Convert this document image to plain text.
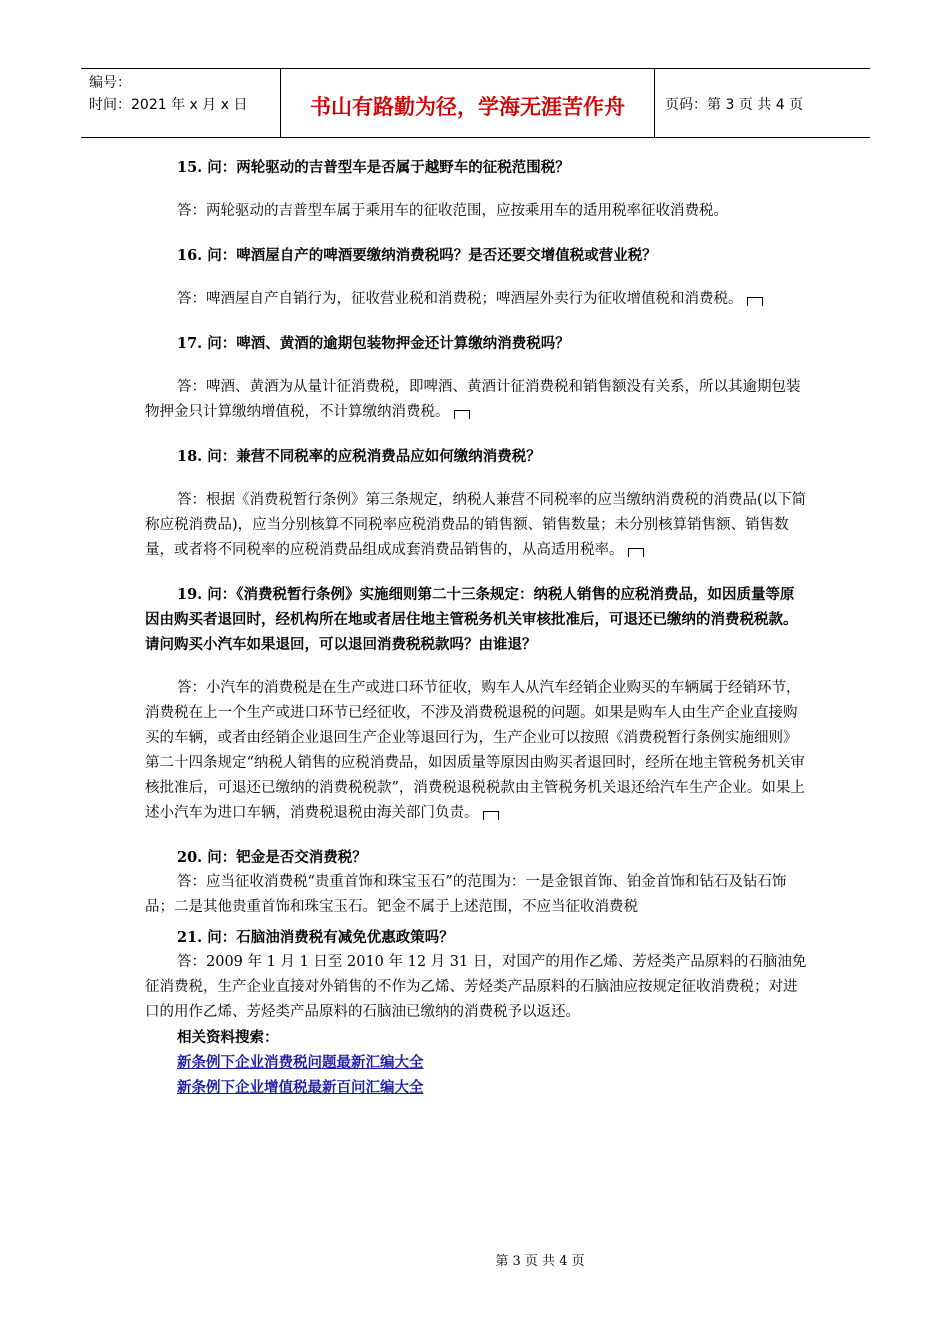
编号：
时间：2021 年 x 月 x 日	书山有路勤为径，学海无涯苦作舟	页码：第 3 页 共 4 页

15. 问：两轮驱动的吉普型车是否属于越野车的征税范围税？

答：两轮驱动的吉普型车属于乘用车的征收范围，应按乘用车的适用税率征收消费税。

16. 问：啤酒屋自产的啤酒要缴纳消费税吗？是否还要交增值税或营业税？

答：啤酒屋自产自销行为，征收营业税和消费税；啤酒屋外卖行为征收增值税和消费税。

17. 问：啤酒、黄酒的逾期包装物押金还计算缴纳消费税吗？

答：啤酒、黄酒为从量计征消费税，即啤酒、黄酒计征消费税和销售额没有关系，所以其逾期包装物押金只计算缴纳增值税，不计算缴纳消费税。

18. 问：兼营不同税率的应税消费品应如何缴纳消费税？

答：根据《消费税暂行条例》第三条规定，纳税人兼营不同税率的应当缴纳消费税的消费品(以下简称应税消费品)，应当分别核算不同税率应税消费品的销售额、销售数量；未分别核算销售额、销售数量，或者将不同税率的应税消费品组成成套消费品销售的，从高适用税率。

19. 问：《消费税暂行条例》实施细则第二十三条规定：纳税人销售的应税消费品，如因质量等原因由购买者退回时，经机构所在地或者居住地主管税务机关审核批准后，可退还已缴纳的消费税税款。请问购买小汽车如果退回，可以退回消费税税款吗？由谁退？

答：小汽车的消费税是在生产或进口环节征收，购车人从汽车经销企业购买的车辆属于经销环节，消费税在上一个生产或进口环节已经征收，不涉及消费税退税的问题。如果是购车人由生产企业直接购买的车辆，或者由经销企业退回生产企业等退回行为，生产企业可以按照《消费税暂行条例实施细则》第二十四条规定“纳税人销售的应税消费品，如因质量等原因由购买者退回时，经所在地主管税务机关审核批准后，可退还已缴纳的消费税税款”，消费税退税税款由主管税务机关退还给汽车生产企业。如果上述小汽车为进口车辆，消费税退税由海关部门负责。

20. 问：钯金是否交消费税？

答：应当征收消费税“贵重首饰和珠宝玉石”的范围为：一是金银首饰、铂金首饰和钻石及钻石饰品；二是其他贵重首饰和珠宝玉石。钯金不属于上述范围，不应当征收消费税

21. 问：石脑油消费税有减免优惠政策吗？

答：2009 年 1 月 1 日至 2010 年 12 月 31 日，对国产的用作乙烯、芳烃类产品原料的石脑油免征消费税，生产企业直接对外销售的不作为乙烯、芳烃类产品原料的石脑油应按规定征收消费税；对进口的用作乙烯、芳烃类产品原料的石脑油已缴纳的消费税予以返还。

相关资料搜索：

新条例下企业消费税问题最新汇编大全
新条例下企业增值税最新百问汇编大全
第 3 页 共 4 页
